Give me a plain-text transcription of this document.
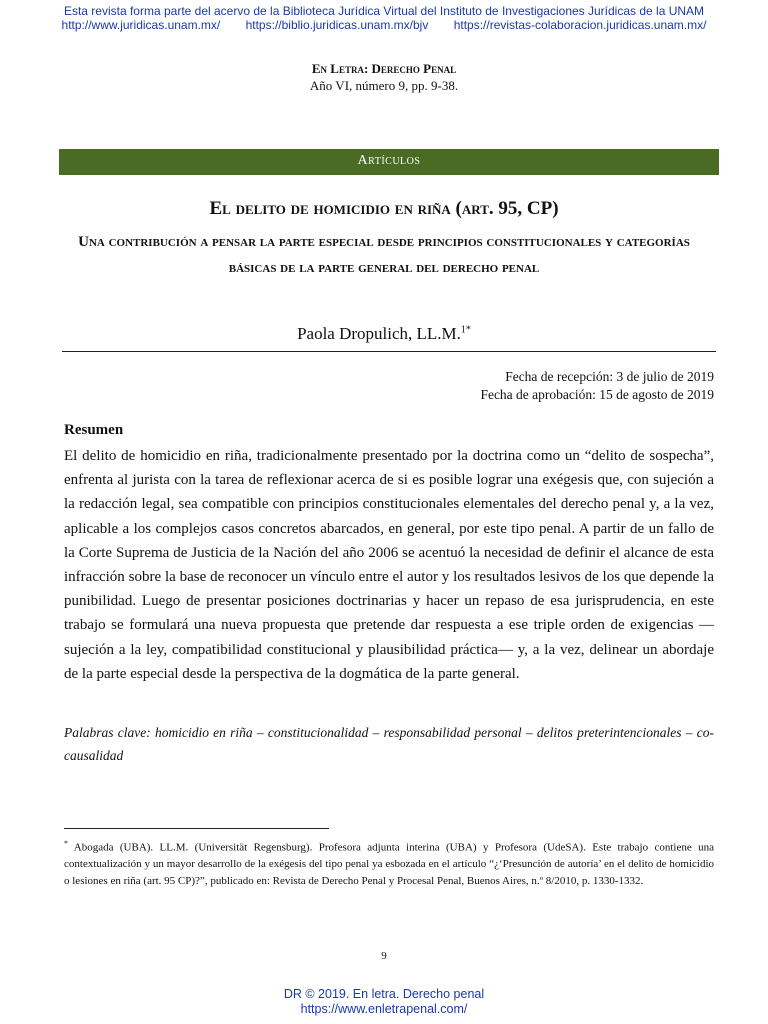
Esta revista forma parte del acervo de la Biblioteca Jurídica Virtual del Instituto de Investigaciones Jurídicas de la UNAM
http://www.juridicas.unam.mx/ https://biblio.juridicas.unam.mx/bjv https://revistas-colaboracion.juridicas.unam.mx/
En Letra: Derecho Penal
Año VI, número 9, pp. 9-38.
Artículos
El delito de homicidio en riña (art. 95, CP)
Una contribución a pensar la parte especial desde principios constitucionales y categorías básicas de la parte general del derecho penal
Paola Dropulich, LL.M.$^{1*}$
Fecha de recepción: 3 de julio de 2019
Fecha de aprobación: 15 de agosto de 2019
Resumen
El delito de homicidio en riña, tradicionalmente presentado por la doctrina como un “delito de sospecha”, enfrenta al jurista con la tarea de reflexionar acerca de si es posible lograr una exégesis que, con sujeción a la redacción legal, sea compatible con principios constitucionales elementales del derecho penal y, a la vez, aplicable a los complejos casos concretos abarcados, en general, por este tipo penal. A partir de un fallo de la Corte Suprema de Justicia de la Nación del año 2006 se acentuó la necesidad de definir el alcance de esta infracción sobre la base de reconocer un vínculo entre el autor y los resultados lesivos de los que depende la punibilidad. Luego de presentar posiciones doctrinarias y hacer un repaso de esa jurisprudencia, en este trabajo se formulará una nueva propuesta que pretende dar respuesta a ese triple orden de exigencias —sujeción a la ley, compatibilidad constitucional y plausibilidad práctica— y, a la vez, delinear un abordaje de la parte especial desde la perspectiva de la dogmática de la parte general.
Palabras clave: homicidio en riña – constitucionalidad – responsabilidad personal – delitos preterintencionales – co-causalidad
* Abogada (UBA). LL.M. (Universität Regensburg). Profesora adjunta interina (UBA) y Profesora (UdeSA). Este trabajo contiene una contextualización y un mayor desarrollo de la exégesis del tipo penal ya esbozada en el artículo “¿‘Presunción de autoría’ en el delito de homicidio o lesiones en riña (art. 95 CP)?”, publicado en: Revista de Derecho Penal y Procesal Penal, Buenos Aires, n.º 8/2010, p. 1330-1332.
9
DR © 2019. En letra. Derecho penal
https://www.enletrapenal.com/
